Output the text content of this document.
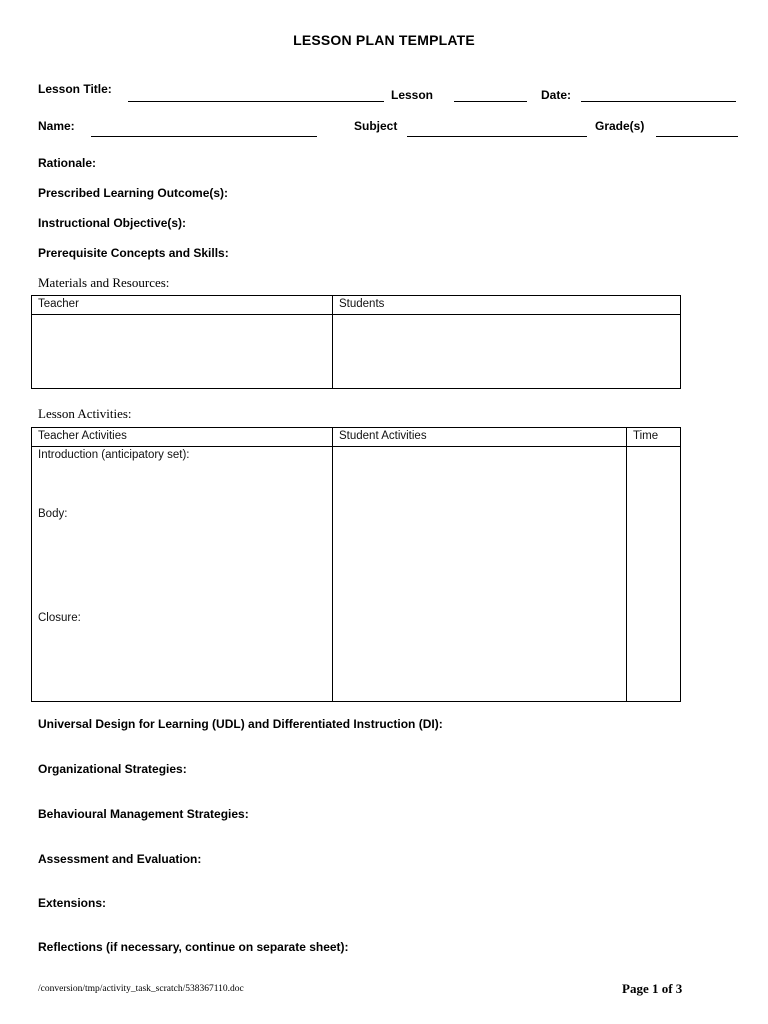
LESSON PLAN TEMPLATE
Lesson Title:	Lesson	Date:
Name:	Subject	Grade(s)
Rationale:
Prescribed Learning Outcome(s):
Instructional Objective(s):
Prerequisite Concepts and Skills:
Materials and Resources:
Teacher	Students

Lesson Activities:
Teacher Activities	Student Activities	Time

Introduction (anticipatory set):
Body:
Closure:		

Universal Design for Learning (UDL) and Differentiated Instruction (DI):
Organizational Strategies:
Behavioural Management Strategies:
Assessment and Evaluation:
Extensions:
Reflections (if necessary, continue on separate sheet):
/conversion/tmp/activity_task_scratch/538367110.doc	Page 1 of 3
